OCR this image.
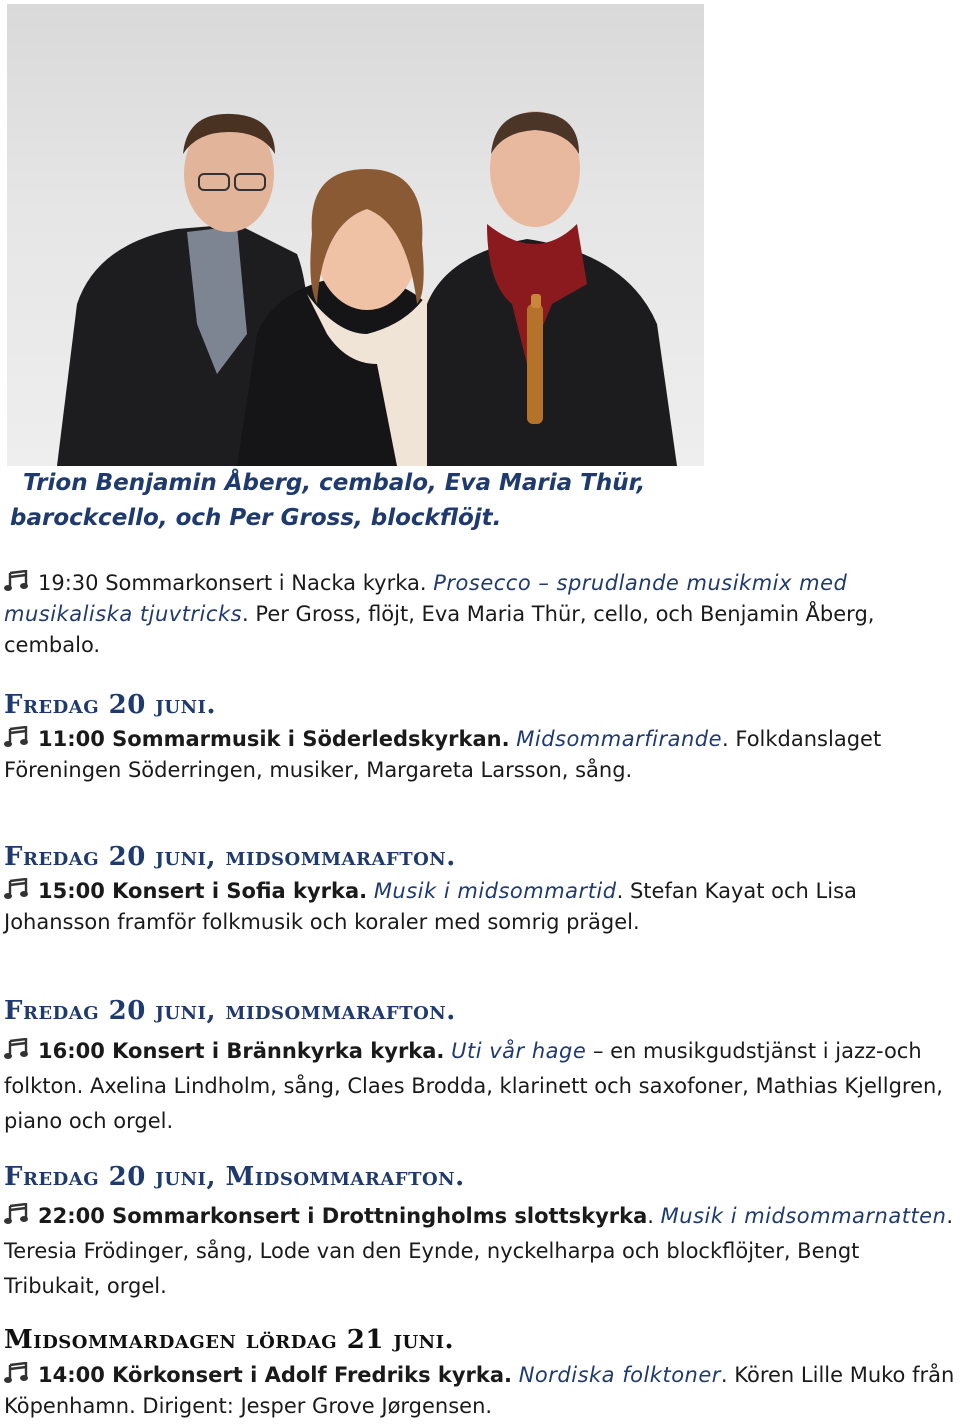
Trion Benjamin Åberg, cembalo, Eva Maria Thür,
barockcello, och Per Gross, blockflöjt.
19:30 Sommarkonsert i Nacka kyrka. Prosecco – sprudlande musikmix med musikaliska tjuvtricks. Per Gross, flöjt, Eva Maria Thür, cello, och Benjamin Åberg, cembalo.
Fredag 20 juni.
11:00 Sommarmusik i Söderledskyrkan. Midsommarfirande. Folkdanslaget Föreningen Söderringen, musiker, Margareta Larsson, sång.
Fredag 20 juni, midsommarafton.
15:00 Konsert i Sofia kyrka. Musik i midsommartid. Stefan Kayat och Lisa Johansson framför folkmusik och koraler med somrig prägel.
Fredag 20 juni, midsommarafton.
16:00 Konsert i Brännkyrka kyrka. Uti vår hage – en musikgudstjänst i jazz-och folkton. Axelina Lindholm, sång, Claes Brodda, klarinett och saxofoner, Mathias Kjellgren, piano och orgel.
Fredag 20 juni, Midsommarafton.
22:00 Sommarkonsert i Drottningholms slottskyrka. Musik i midsommarnatten. Teresia Frödinger, sång, Lode van den Eynde, nyckelharpa och blockflöjter, Bengt Tribukait, orgel.
Midsommardagen lördag 21 juni.
14:00 Körkonsert i Adolf Fredriks kyrka. Nordiska folktoner. Kören Lille Muko från Köpenhamn. Dirigent: Jesper Grove Jørgensen.
